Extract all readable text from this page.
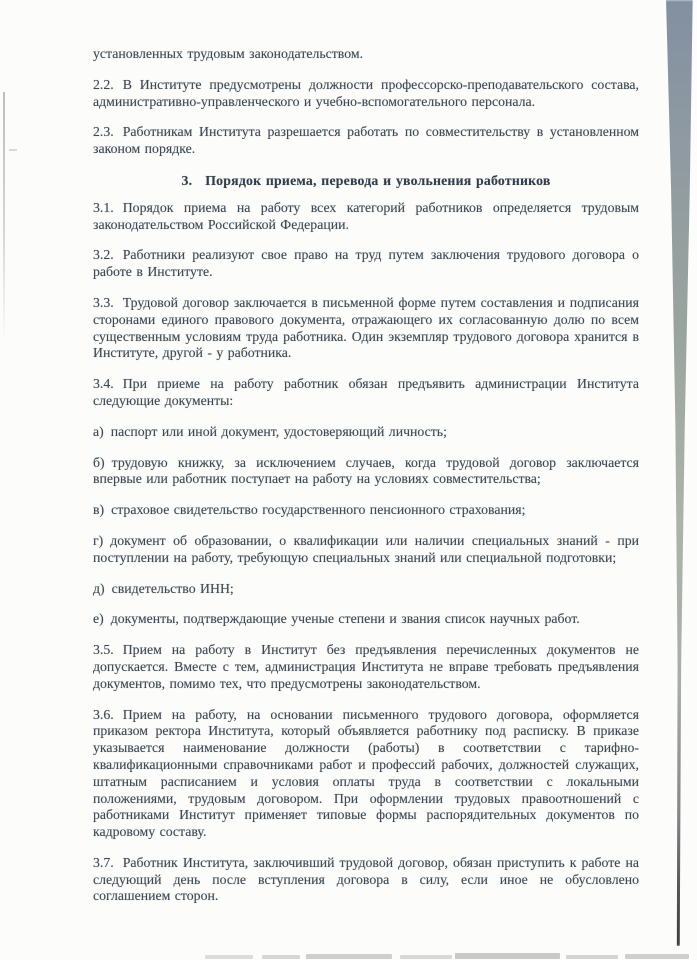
установленных трудовым законодательством.

2.2. В Институте предусмотрены должности профессорско-преподавательского состава, административно-управленческого и учебно-вспомогательного персонала.

2.3. Работникам Института разрешается работать по совместительству в установленном законом порядке.

3. Порядок приема, перевода и увольнения работников

3.1. Порядок приема на работу всех категорий работников определяется трудовым законодательством Российской Федерации.

3.2. Работники реализуют свое право на труд путем заключения трудового договора о работе в Институте.

3.3. Трудовой договор заключается в письменной форме путем составления и подписания сторонами единого правового документа, отражающего их согласованную долю по всем существенным условиям труда работника. Один экземпляр трудового договора хранится в Институте, другой - у работника.

3.4. При приеме на работу работник обязан предъявить администрации Института следующие документы:

а) паспорт или иной документ, удостоверяющий личность;

б) трудовую книжку, за исключением случаев, когда трудовой договор заключается впервые или работник поступает на работу на условиях совместительства;

в) страховое свидетельство государственного пенсионного страхования;

г) документ об образовании, о квалификации или наличии специальных знаний - при поступлении на работу, требующую специальных знаний или специальной подготовки;

д) свидетельство ИНН;

е) документы, подтверждающие ученые степени и звания список научных работ.

3.5. Прием на работу в Институт без предъявления перечисленных документов не допускается. Вместе с тем, администрация Института не вправе требовать предъявления документов, помимо тех, что предусмотрены законодательством.

3.6. Прием на работу, на основании письменного трудового договора, оформляется приказом ректора Института, который объявляется работнику под расписку. В приказе указывается наименование должности (работы) в соответствии с тарифно-квалификационными справочниками работ и профессий рабочих, должностей служащих, штатным расписанием и условия оплаты труда в соответствии с локальными положениями, трудовым договором. При оформлении трудовых правоотношений с работниками Институт применяет типовые формы распорядительных документов по кадровому составу.

3.7. Работник Института, заключивший трудовой договор, обязан приступить к работе на следующий день после вступления договора в силу, если иное не обусловлено соглашением сторон.
